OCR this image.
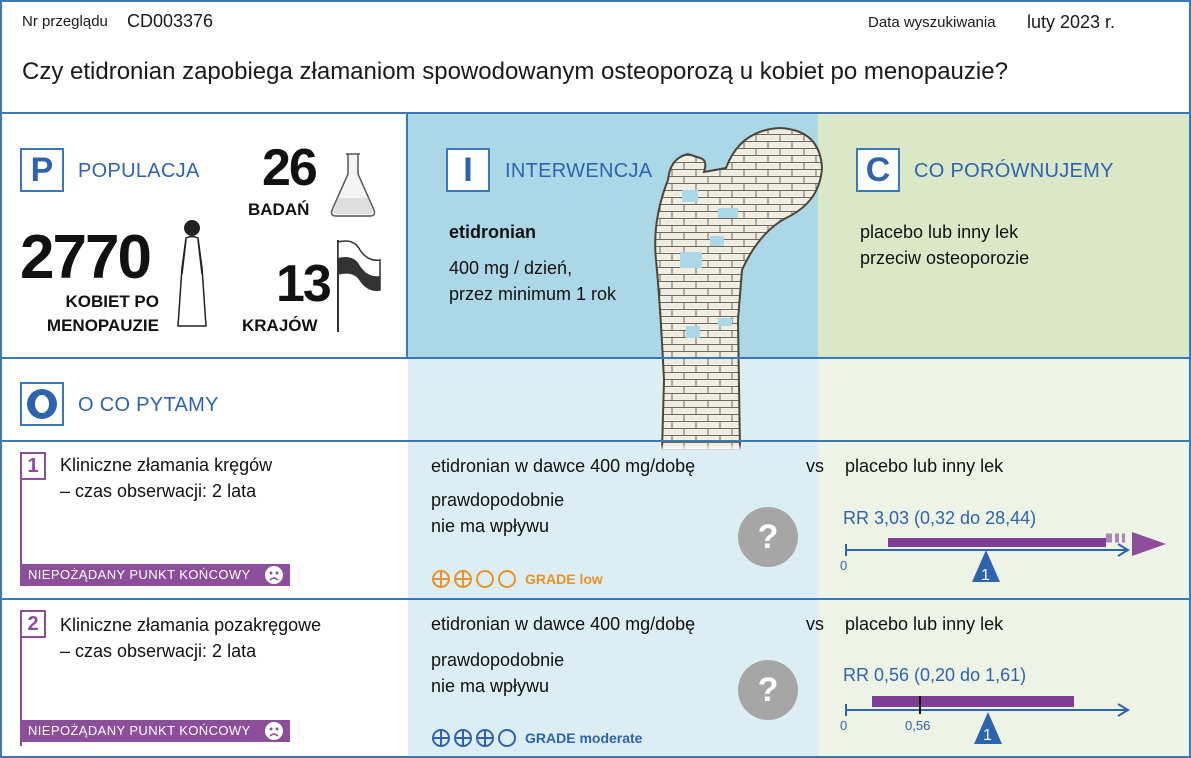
Nr przeglądu CD003376	Data wyszukiwania luty 2023 r.
Czy etidronian zapobiega złamaniom spowodowanym osteoporozą u kobiet po menopauzie?
P	POPULACJA
2770
KOBIET PO
MENOPAUZIE
26
BADAŃ
13
KRAJÓW
I	INTERWENCJA
etidronian
400 mg / dzień,
przez minimum 1 rok
C	CO PORÓWNUJEMY
placebo lub inny lek
przeciw osteoporozie
O CO PYTAMY
1	Kliniczne złamania kręgów
– czas obserwacji: 2 lata
NIEPOŻĄDANY PUNKT KOŃCOWY
etidronian w dawce 400 mg/dobę	vs placebo lub inny lek
prawdopodobnie
nie ma wpływu	?
GRADE low
RR 3,03 (0,32 do 28,44)
0
1
2	Kliniczne złamania pozakręgowe
– czas obserwacji: 2 lata
NIEPOŻĄDANY PUNKT KOŃCOWY
etidronian w dawce 400 mg/dobę	vs placebo lub inny lek
prawdopodobnie
nie ma wpływu	?
GRADE moderate
RR 0,56 (0,20 do 1,61)
0	0,56
1
